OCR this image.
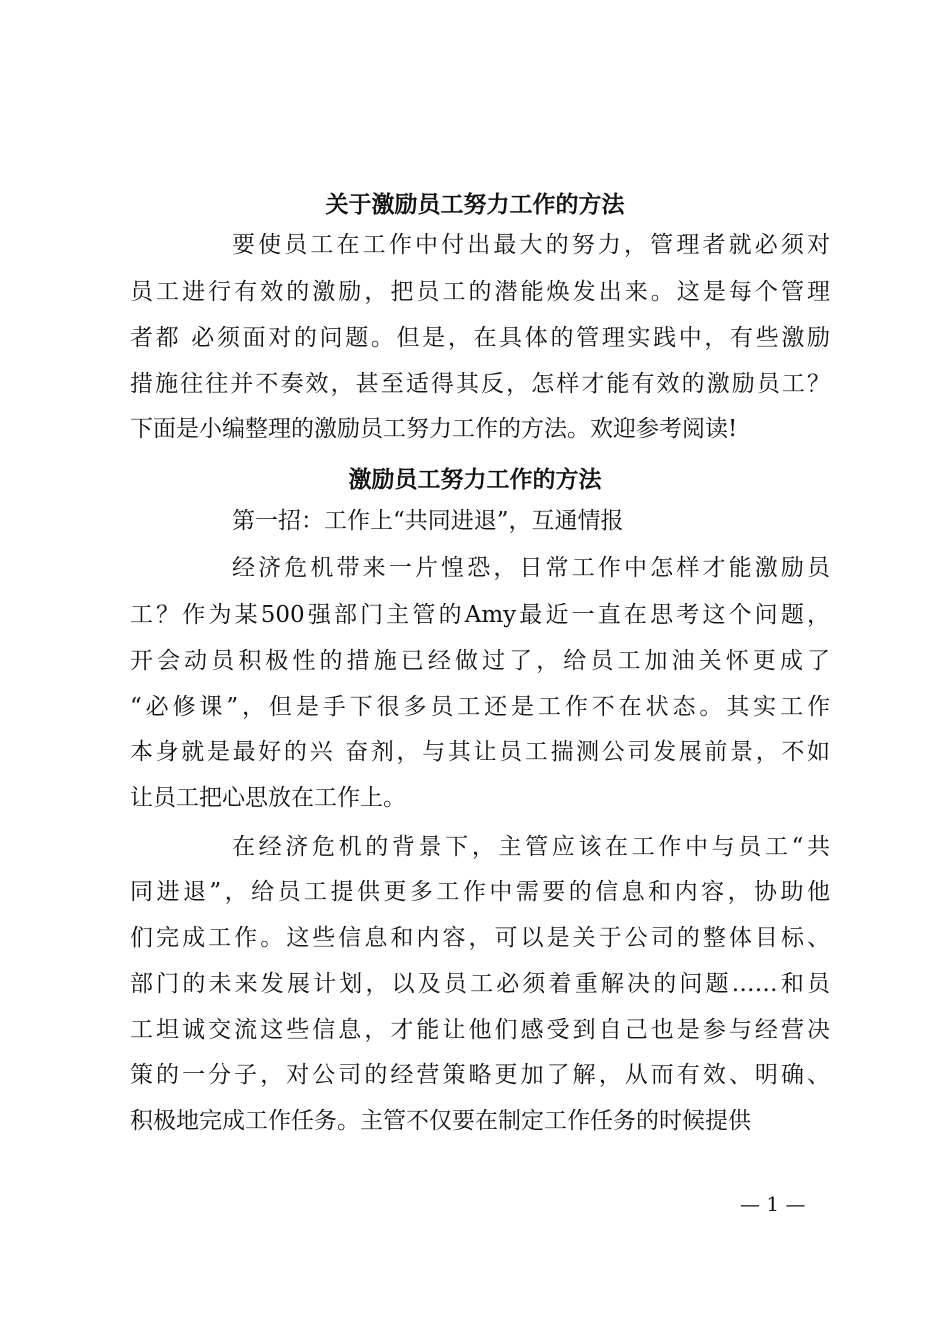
关于激励员工努力工作的方法
激励员工努力工作的方法
第一招：工作上“共同进退”，互通情报
— 1 —
要使员工在工作中付出最大的努力，管理者就必须对
员工进行有效的激励，把员工的潜能焕发出来。这是每个管理
者都 必须面对的问题。但是，在具体的管理实践中，有些激励
措施往往并不奏效，甚至适得其反，怎样才能有效的激励员工？
下面是小编整理的激励员工努力工作的方法。欢迎参考阅读!
经济危机带来一片惶恐，日常工作中怎样才能激励员
工？作为某500强部门主管的Amy最近一直在思考这个问题，
开会动员积极性的措施已经做过了，给员工加油关怀更成了
“必修课”，但是手下很多员工还是工作不在状态。其实工作
本身就是最好的兴 奋剂，与其让员工揣测公司发展前景，不如
让员工把心思放在工作上。
在经济危机的背景下，主管应该在工作中与员工“共
同进退”，给员工提供更多工作中需要的信息和内容，协助他
们完成工作。这些信息和内容，可以是关于公司的整体目标、
部门的未来发展计划，以及员工必须着重解决的问题……和员
工坦诚交流这些信息，才能让他们感受到自己也是参与经营决
策的一分子，对公司的经营策略更加了解，从而有效、明确、
积极地完成工作任务。主管不仅要在制定工作任务的时候提供
